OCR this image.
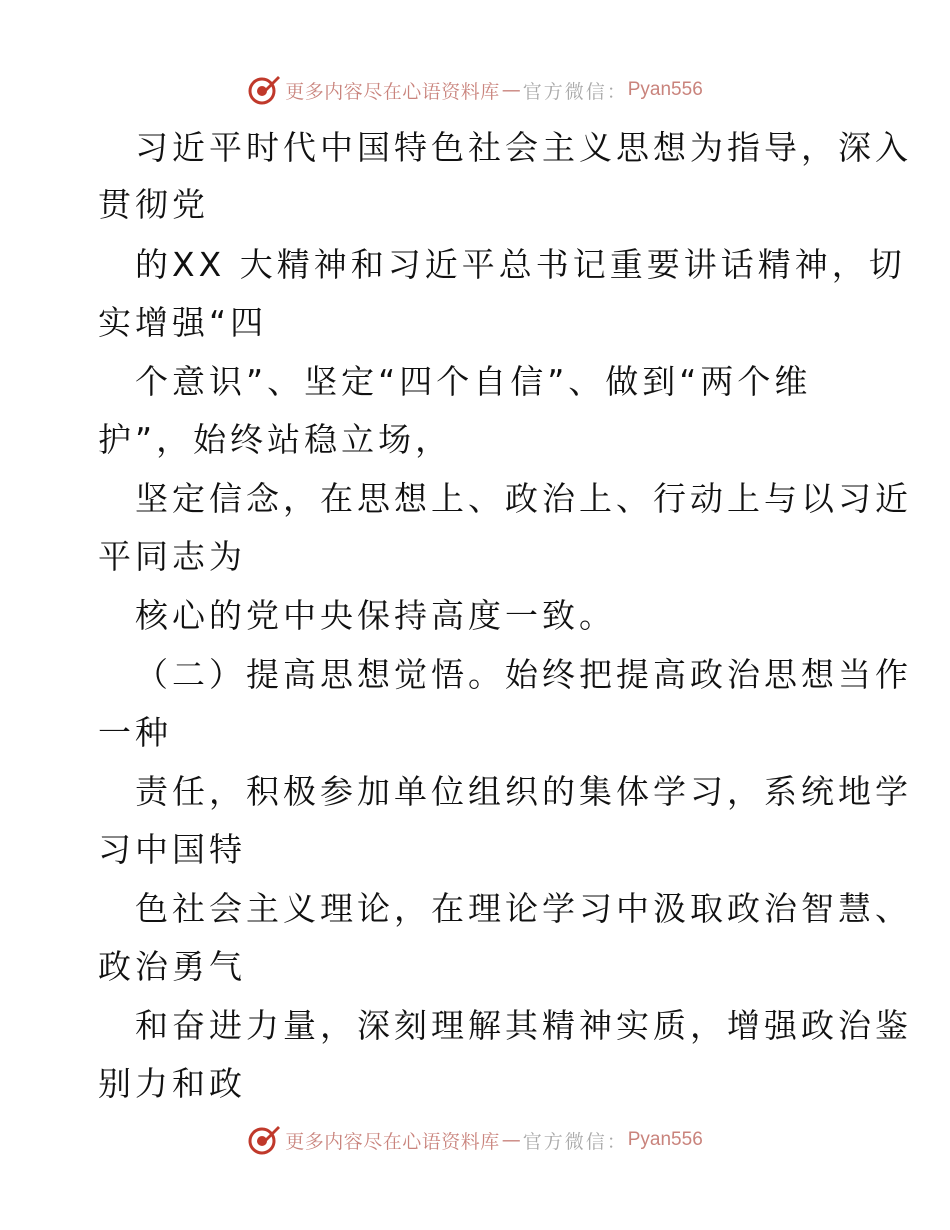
更多内容尽在心语资料库 — 官方微信： Pyan556
习近平时代中国特色社会主义思想为指导，深入
贯彻党
的XX 大精神和习近平总书记重要讲话精神，切
实增强“四
个意识”、坚定“四个自信”、做到“两个维
护”，始终站稳立场，
坚定信念，在思想上、政治上、行动上与以习近
平同志为
核心的党中央保持高度一致。
（二）提高思想觉悟。始终把提高政治思想当作
一种
责任，积极参加单位组织的集体学习，系统地学
习中国特
色社会主义理论，在理论学习中汲取政治智慧、
政治勇气
和奋进力量，深刻理解其精神实质，增强政治鉴
别力和政
更多内容尽在心语资料库 — 官方微信： Pyan556
